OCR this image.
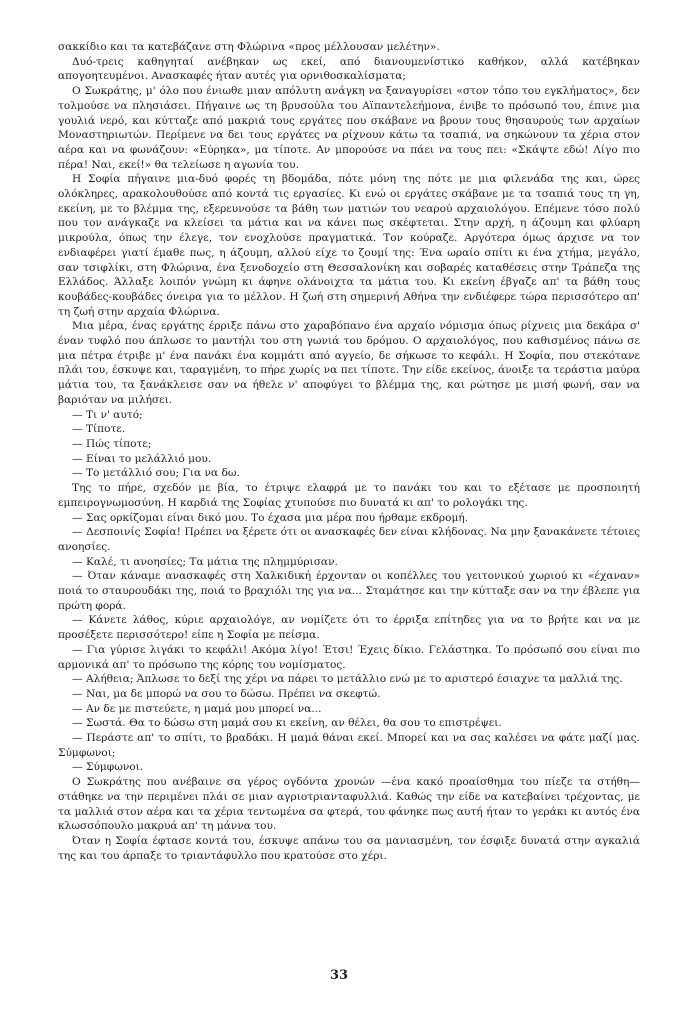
σακκίδιο και τα κατεβάζανε στη Φλώρινα «προς μέλλουσαν μελέτην».

Δυό-τρεις καθηγηταί ανέβηκαν ως εκεί, από διανουμενίστικο καθήκον, αλλά κατέβηκαν απογοητευμένοι. Ανασκαφές ήταν αυτές για ορνιθοσκαλίσματα;

Ο Σωκράτης, μ' όλο που ένιωθε μιαν απόλυτη ανάγκη να ξαναγυρίσει «στον τόπο του εγκλήματος», δεν τολμούσε να πλησιάσει. Πήγαινε ως τη βρυσούλα του Αϊπαντελεήμονα, ένιβε το πρόσωπό του, έπινε μια γουλιά νερό, και κύτταζε από μακριά τους εργάτες που σκάβανε να βρουν τους θησαυρούς των αρχαίων Μοναστηριωτών. Περίμενε να δει τους εργάτες να ρίχνουν κάτω τα τσαπιά, να σηκώνουν τα χέρια στον αέρα και να φωνάζουν: «Εύρηκα», μα τίποτε. Αν μπορούσε να πάει να τους πει: «Σκάψτε εδώ! Λίγο πιο πέρα! Ναι, εκεί!» θα τελείωσε η αγωνία του.

Η Σοφία πήγαινε μια-δυό φορές τη βδομάδα, πότε μόνη της πότε με μια φιλενάδα της και, ώρες ολόκληρες, αρακολουθούσε από κοντά τις εργασίες. Κι ενώ οι εργάτες σκάβανε με τα τσαπιά τους τη γη, εκείνη, με το βλέμμα της, εξερευνούσε τα βάθη των ματιών του νεαρού αρχαιολόγου. Επέμενε τόσο πολύ που τον ανάγκαζε να κλείσει τα μάτια και να κάνει πως σκέφτεται. Στην αρχή, η άζουμη και φλύαρη μικρούλα, όπως την έλεγε, τον ενοχλούσε πραγματικά. Τον κούραζε. Αργότερα όμως άρχισε να τον ενδιαφέρει γιατί έμαθε πως, η άζουμη, αλλού είχε το ζουμί της: Ένα ωραίο σπίτι κι ένα χτήμα, μεγάλο, σαν τσιφλίκι, στη Φλώρινα, ένα ξενοδοχείο στη Θεσσαλονίκη και σοβαρές καταθέσεις στην Τράπεζα της Ελλάδος. Άλλαξε λοιπόν γνώμη κι άφηνε ολάνοιχτα τα μάτια του. Κι εκείνη έβγαζε απ' τα βάθη τους κουβάδες-κουβάδες όνειρα για το μέλλον. Η ζωή στη σημερινή Αθήνα την ενδιέφερε τώρα περισσότερο απ' τη ζωή στην αρχαία Φλώρινα.

Μια μέρα, ένας εργάτης έρριξε πάνω στο χαραβόπανο ένα αρχαίο νόμισμα όπως ρίχνεις μια δεκάρα σ' έναν τυφλό που άπλωσε το μαντήλι του στη γωνιά του δρόμου. Ο αρχαιολόγος, που καθισμένος πάνω σε μια πέτρα έτριβε μ' ένα πανάκι ένα κομμάτι από αγγείο, δε σήκωσε το κεφάλι. Η Σοφία, που στεκότανε πλάι του, έσκυψε και, ταραγμένη, το πήρε χωρίς να πει τίποτε. Την είδε εκείνος, άνοιξε τα τεράστια μαύρα μάτια του, τα ξανάκλεισε σαν να ήθελε ν' αποφύγει το βλέμμα της, και ρώτησε με μισή φωνή, σαν να βαριόταν να μιλήσει.

— Τι ν' αυτό;

— Τίποτε.

— Πώς τίποτε;

— Είναι το μελάλλιό μου.

— Το μετάλλιό σου; Για να δω.

Της το πήρε, σχεδόν με βία, το έτριψε ελαφρά με το πανάκι του και το εξέτασε με προσποιητή εμπειρογνωμοσύνη. Η καρδιά της Σοφίας χτυπούσε πιο δυνατά κι απ' το ρολογάκι της.

— Σας ορκίζομαι είναι δικό μου. Το έχασα μια μέρα που ήρθαμε εκδρομή.

— Δεσποινίς Σοφία! Πρέπει να ξέρετε ότι οι ανασκαφές δεν είναι κλήδονας. Να μην ξανακάνετε τέτοιες ανοησίες.

— Καλέ, τι ανοησίες; Τα μάτια της πλημμύρισαν.

— Όταν κάναμε ανασκαφές στη Χαλκιδική έρχονταν οι κοπέλλες του γειτονικού χωριού κι «έχαναν» ποιά το σταυρουδάκι της, ποιά το βραχιόλι της για να... Σταμάτησε και την κύτταξε σαν να την έβλεπε για πρώτη φορά.

— Κάνετε λάθος, κύριε αρχαιολόγε, αν νομίζετε ότι το έρριξα επίτηδες για να το βρήτε και να με προσέξετε περισσότερο! είπε η Σοφία με πείσμα.

— Για γύρισε λιγάκι το κεφάλι! Ακόμα λίγο! Έτσι! Έχεις δίκιο. Γελάστηκα. Το πρόσωπό σου είναι πιο αρμονικά απ' το πρόσωπο της κόρης του νομίσματος.

— Αλήθεια; Άπλωσε το δεξί της χέρι να πάρει το μετάλλιο ενώ με το αριστερό έσιαχνε τα μαλλιά της.

— Ναι, μα δε μπορώ να σου το δώσω. Πρέπει να σκεφτώ.

— Αν δε με πιστεύετε, η μαμά μου μπορεί να...

— Σωστά. Θα το δώσω στη μαμά σου κι εκείνη, αν θέλει, θα σου το επιστρέψει.

— Περάστε απ' το σπίτι, το βραδάκι. Η μαμά θάναι εκεί. Μπορεί και να σας καλέσει να φάτε μαζί μας. Σύμφωνοι;

— Σύμφωνοι.

Ο Σωκράτης που ανέβαινε σα γέρος ογδόντα χρονών —ένα κακό προαίσθημα του πίεζε τα στήθη— στάθηκε να την περιμένει πλάι σε μιαν αγριοτριανταφυλλιά. Καθώς την είδε να κατεβαίνει τρέχοντας, με τα μαλλιά στον αέρα και τα χέρια τεντωμένα σα φτερά, του φάνηκε πως αυτή ήταν το γεράκι κι αυτός ένα κλωσσόπουλο μακρυά απ' τη μάννα του.

Όταν η Σοφία έφτασε κοντά του, έσκυψε απάνω του σα μανιασμένη, τον έσφιξε δυνατά στην αγκαλιά της και του άρπαξε το τριαντάφυλλο που κρατούσε στο χέρι.

33
